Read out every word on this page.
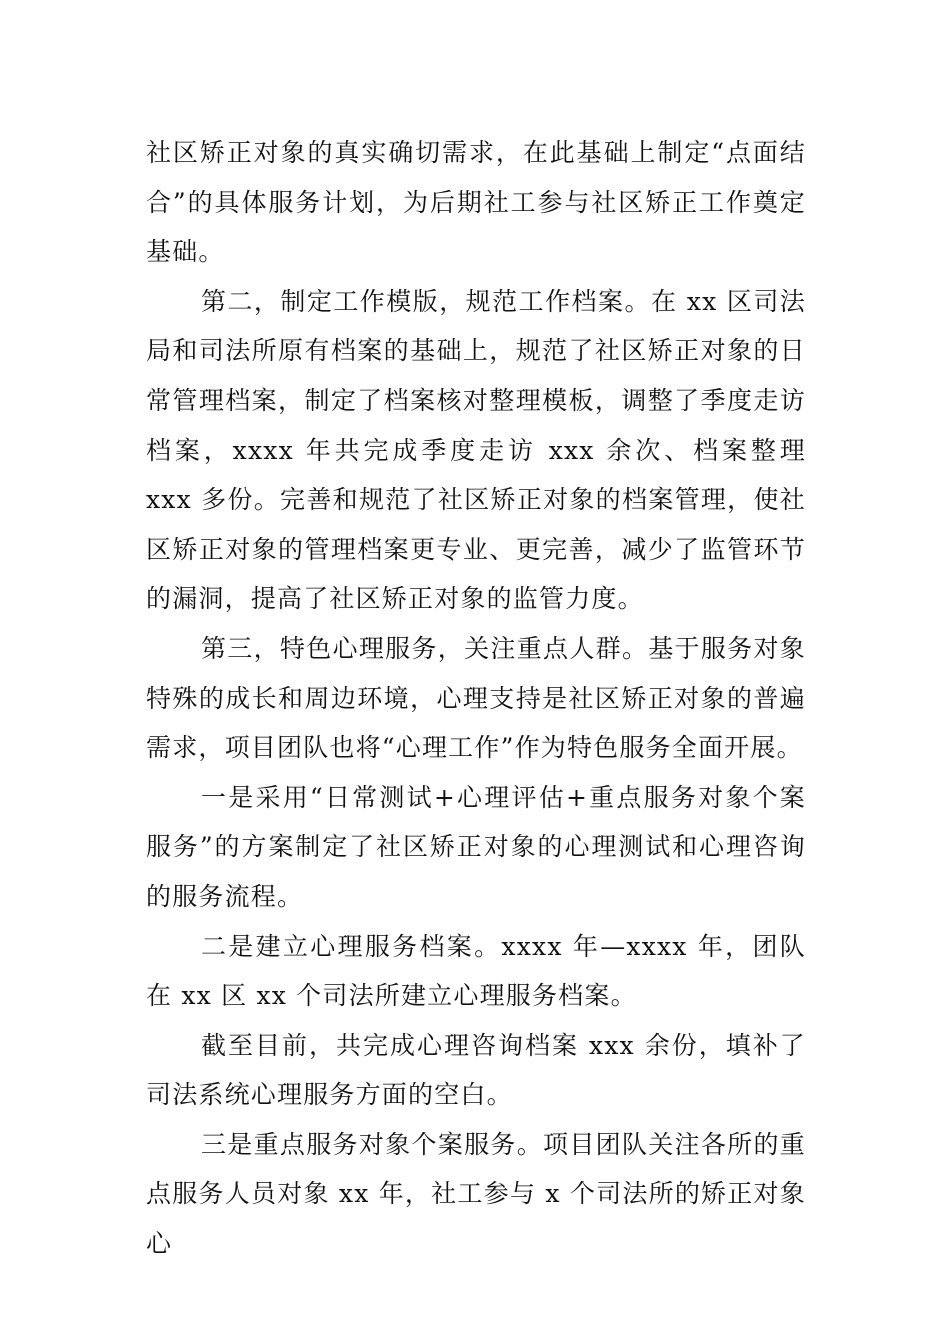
社区矫正对象的真实确切需求，在此基础上制定“点面结合”的具体服务计划，为后期社工参与社区矫正工作奠定基础。

第二，制定工作模版，规范工作档案。在 xx 区司法局和司法所原有档案的基础上，规范了社区矫正对象的日常管理档案，制定了档案核对整理模板，调整了季度走访档案，xxxx 年共完成季度走访 xxx 余次、档案整理 xxx 多份。完善和规范了社区矫正对象的档案管理，使社区矫正对象的管理档案更专业、更完善，减少了监管环节的漏洞，提高了社区矫正对象的监管力度。

第三，特色心理服务，关注重点人群。基于服务对象特殊的成长和周边环境，心理支持是社区矫正对象的普遍需求，项目团队也将“心理工作”作为特色服务全面开展。

一是采用“日常测试+心理评估+重点服务对象个案服务”的方案制定了社区矫正对象的心理测试和心理咨询的服务流程。

二是建立心理服务档案。xxxx 年—xxxx 年，团队在 xx 区 xx 个司法所建立心理服务档案。

截至目前，共完成心理咨询档案 xxx 余份，填补了司法系统心理服务方面的空白。

三是重点服务对象个案服务。项目团队关注各所的重点服务人员对象 xx 年，社工参与 x 个司法所的矫正对象心
